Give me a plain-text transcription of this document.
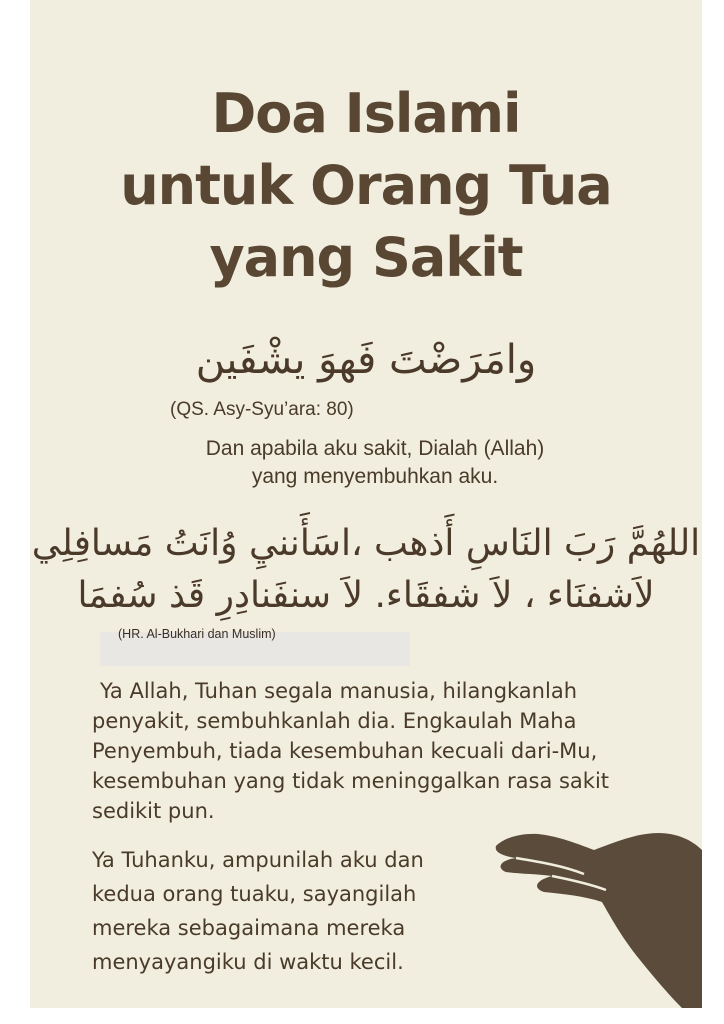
Doa Islami
untuk Orang Tua
yang Sakit
وامَرَضْتَ فَهوَ يشْفَين
(QS. Asy-Syu’ara: 80)
Dan apabila aku sakit, Dialah (Allah)
yang menyembuhkan aku.
اللهُمَّ رَبَ النَاسِ أَذهب ،اسَأَننيِ وُانَتُ مَسافِلِي
لاَشفنَاء ، لاَ شفقَاء. لاَ سنفَنادِرِ قَذ سُفمَا
(HR. Al-Bukhari dan Muslim)
Ya Allah, Tuhan segala manusia, hilangkanlah
penyakit, sembuhkanlah dia. Engkaulah Maha
Penyembuh, tiada kesembuhan kecuali dari-Mu,
kesembuhan yang tidak meninggalkan rasa sakit
sedikit pun.
Ya Tuhanku, ampunilah aku dan
kedua orang tuaku, sayangilah
mereka sebagaimana mereka
menyayangiku di waktu kecil.
